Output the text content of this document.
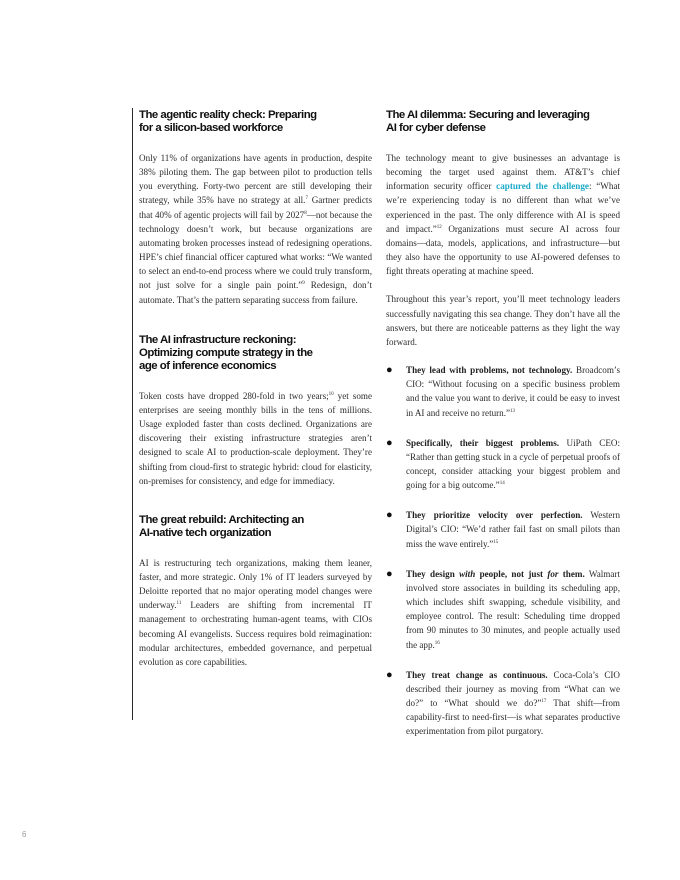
The agentic reality check: Preparing
for a silicon-based workforce

Only 11% of organizations have agents in production, despite 38% piloting them. The gap between pilot to production tells you everything. Forty-two percent are still developing their strategy, while 35% have no strategy at all.$^7$ Gartner predicts that 40% of agentic projects will fail by 2027$^8$—not because the technology doesn’t work, but because organizations are automating broken processes instead of redesigning operations. HPE’s chief financial officer captured what works: “We wanted to select an end-to-end process where we could truly transform, not just solve for a single pain point.”$^9$ Redesign, don’t automate. That’s the pattern separating success from failure.

The AI infrastructure reckoning:
Optimizing compute strategy in the
age of inference economics

Token costs have dropped 280-fold in two years;$^{10}$ yet some enterprises are seeing monthly bills in the tens of millions. Usage exploded faster than costs declined. Organizations are discovering their existing infrastructure strategies aren’t designed to scale AI to production-scale deployment. They’re shifting from cloud-first to strategic hybrid: cloud for elasticity, on-premises for consistency, and edge for immediacy.

The great rebuild: Architecting an
AI-native tech organization

AI is restructuring tech organizations, making them leaner, faster, and more strategic. Only 1% of IT leaders surveyed by Deloitte reported that no major operating model changes were underway.$^{11}$ Leaders are shifting from incremental IT management to orchestrating human-agent teams, with CIOs becoming AI evangelists. Success requires bold reimagination: modular architectures, embedded governance, and perpetual evolution as core capabilities.

The AI dilemma: Securing and leveraging
AI for cyber defense

The technology meant to give businesses an advantage is becoming the target used against them. AT&T’s chief information security officer captured the challenge: “What we’re experiencing today is no different than what we’ve experienced in the past. The only difference with AI is speed and impact.”$^{12}$ Organizations must secure AI across four domains—data, models, applications, and infrastructure—but they also have the opportunity to use AI-powered defenses to fight threats operating at machine speed.

Throughout this year’s report, you’ll meet technology leaders successfully navigating this sea change. They don’t have all the answers, but there are noticeable patterns as they light the way forward.

● They lead with problems, not technology. Broadcom’s CIO: “Without focusing on a specific business problem and the value you want to derive, it could be easy to invest in AI and receive no return.”$^{13}$
● Specifically, their biggest problems. UiPath CEO: “Rather than getting stuck in a cycle of perpetual proofs of concept, consider attacking your biggest problem and going for a big outcome.”$^{14}$
● They prioritize velocity over perfection. Western Digital’s CIO: “We’d rather fail fast on small pilots than miss the wave entirely.”$^{15}$
● They design with people, not just for them. Walmart involved store associates in building its scheduling app, which includes shift swapping, schedule visibility, and employee control. The result: Scheduling time dropped from 90 minutes to 30 minutes, and people actually used the app.$^{16}$
● They treat change as continuous. Coca-Cola’s CIO described their journey as moving from “What can we do?” to “What should we do?”$^{17}$ That shift—from capability-first to need-first—is what separates productive experimentation from pilot purgatory.
6
